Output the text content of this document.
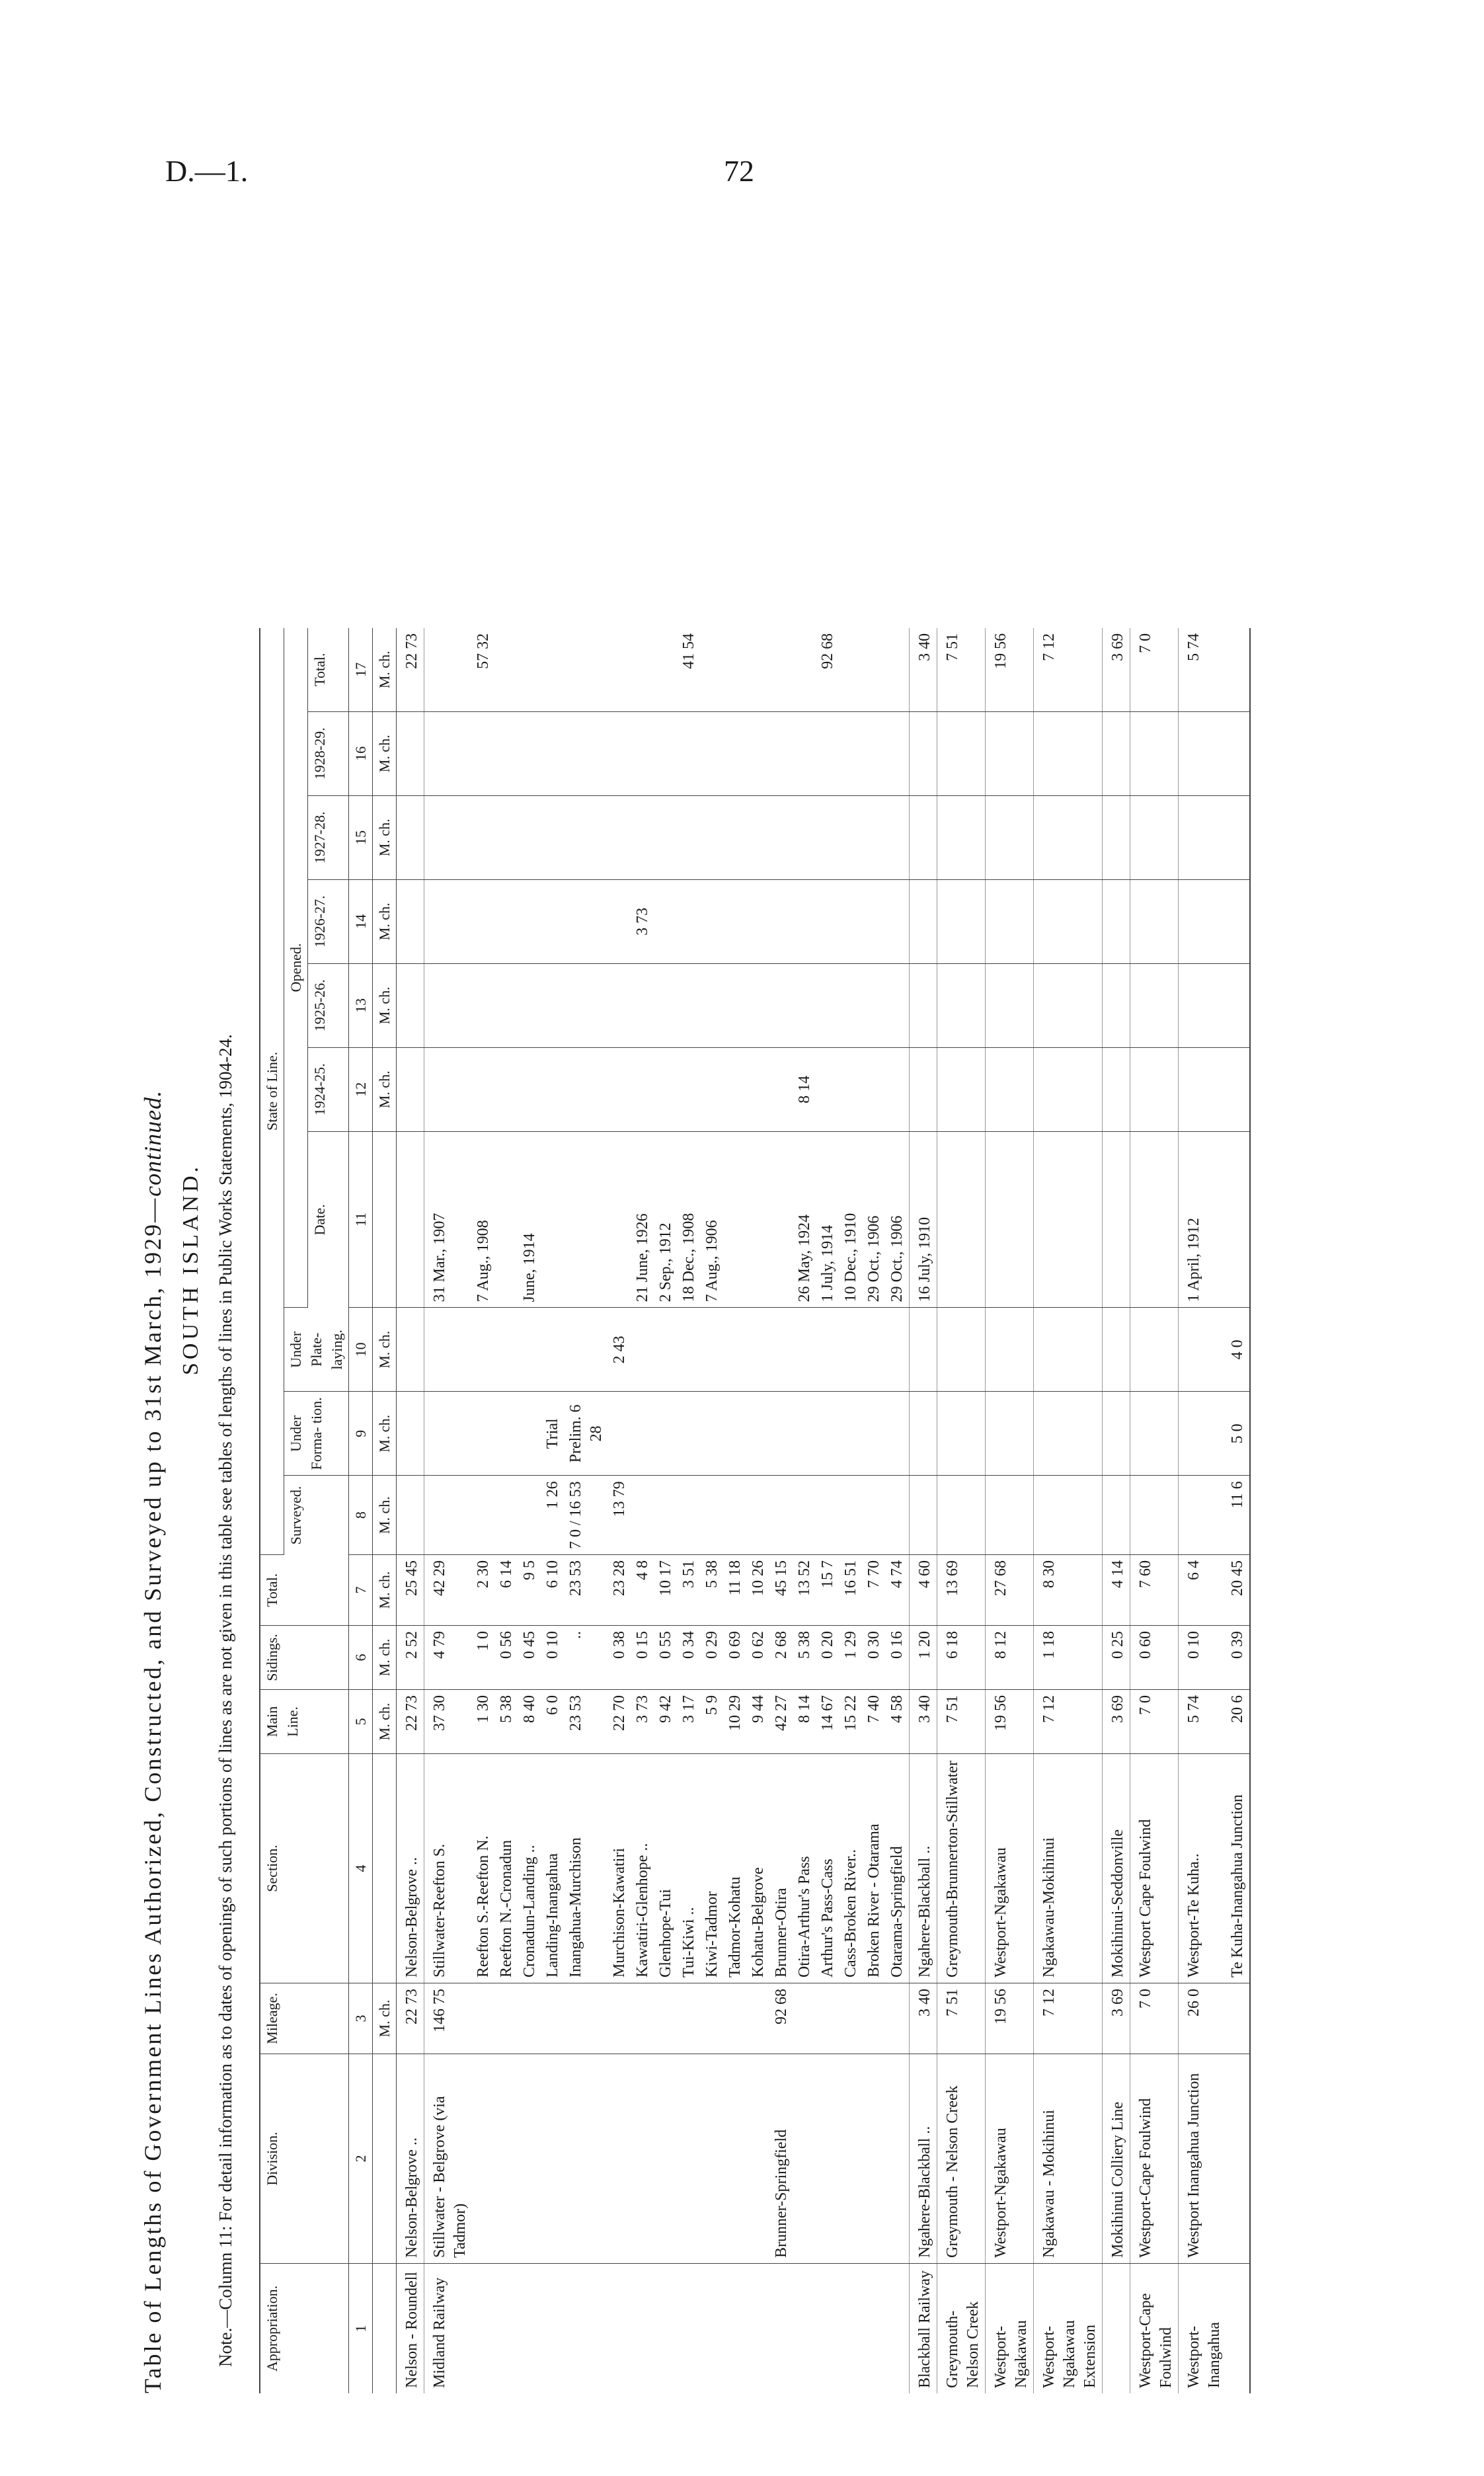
D.—1.	72
Table of Lengths of Government Lines Authorized, Constructed, and Surveyed up to 31st March, 1929—continued.
SOUTH ISLAND. Note.—Column 11: For detail information as to dates of openings of such portions of lines as are not given in this table see tables of lengths of lines in Public Works Statements, 1904-24. Appropriation.	Division.	Mileage.	Section.	Main Line.	Sidings.	Total.	State of Line.									
							Surveyed.	Under Forma- tion.	Under Plate- laying.	Opened.						
										Date.	1924-25.	1925-26.	1926-27.	1927-28.	1928-29.	Total.

1	2	3	4	5	6	7	8	9	10	11	12	13	14	15	16	17
		M. ch.		M. ch.	M. ch.	M. ch.	M. ch.	M. ch.	M. ch.		M. ch.	M. ch.	M. ch.	M. ch.	M. ch.	M. ch.
Nelson - Roundell	Nelson-Belgrove ..	22 73	Nelson-Belgrove ..	22 73	2 52	25 45										22 73
Midland Railway	Stillwater - Belgrove (via Tadmor)	146 75	Stillwater-Reefton S.	37 30	4 79	42 29				31 Mar., 1907						
			Reefton S.-Reefton N.	1 30	1 0	2 30				7 Aug., 1908						57 32
			Reefton N.-Cronadun	5 38	0 56	6 14										
			Cronadun-Landing ..	8 40	0 45	9 5				June, 1914						
			Landing-Inangahua	6 0	0 10	6 10	1 26	Trial								
			Inangahua-Murchison	23 53	..	23 53	7 0 / 16 53	Prelim. 6 28								
			Murchison-Kawatiri	22 70	0 38	23 28	13 79		2 43							
			Kawatiri-Glenhope ..	3 73	0 15	4 8				21 June, 1926			3 73			
			Glenhope-Tui	9 42	0 55	10 17				2 Sep., 1912						
			Tui-Kiwi ..	3 17	0 34	3 51				18 Dec., 1908						41 54
			Kiwi-Tadmor	5 9	0 29	5 38				7 Aug., 1906						
			Tadmor-Kohatu	10 29	0 69	11 18										
			Kohatu-Belgrove	9 44	0 62	10 26										
	Brunner-Springfield	92 68	Brunner-Otira	42 27	2 68	45 15										
			Otira-Arthur's Pass	8 14	5 38	13 52				26 May, 1924	8 14					
			Arthur's Pass-Cass	14 67	0 20	15 7				1 July, 1914						92 68
			Cass-Broken River..	15 22	1 29	16 51				10 Dec., 1910						
			Broken River - Otarama	7 40	0 30	7 70				29 Oct., 1906						
			Otarama-Springfield	4 58	0 16	4 74				29 Oct., 1906						
Blackball Railway	Ngahere-Blackball ..	3 40	Ngahere-Blackball ..	3 40	1 20	4 60				16 July, 1910						3 40
Greymouth-Nelson Creek	Greymouth - Nelson Creek	7 51	Greymouth-Brunnerton-Stillwater	7 51	6 18	13 69										7 51
Westport-Ngakawau	Westport-Ngakawau	19 56	Westport-Ngakawau	19 56	8 12	27 68										19 56
Westport-Ngakawau Extension	Ngakawau - Mokihinui	7 12	Ngakawau-Mokihinui	7 12	1 18	8 30										7 12
	Mokihinui Colliery Line	3 69	Mokihinui-Seddonville	3 69	0 25	4 14										3 69
Westport-Cape Foulwind	Westport-Cape Foulwind	7 0	Westport Cape Foulwind	7 0	0 60	7 60										7 0
Westport-Inangahua	Westport Inangahua Junction	26 0	Westport-Te Kuha..	5 74	0 10	6 4				1 April, 1912						5 74
			Te Kuha-Inangahua Junction	20 6	0 39	20 45	11 6	5 0	4 0							
